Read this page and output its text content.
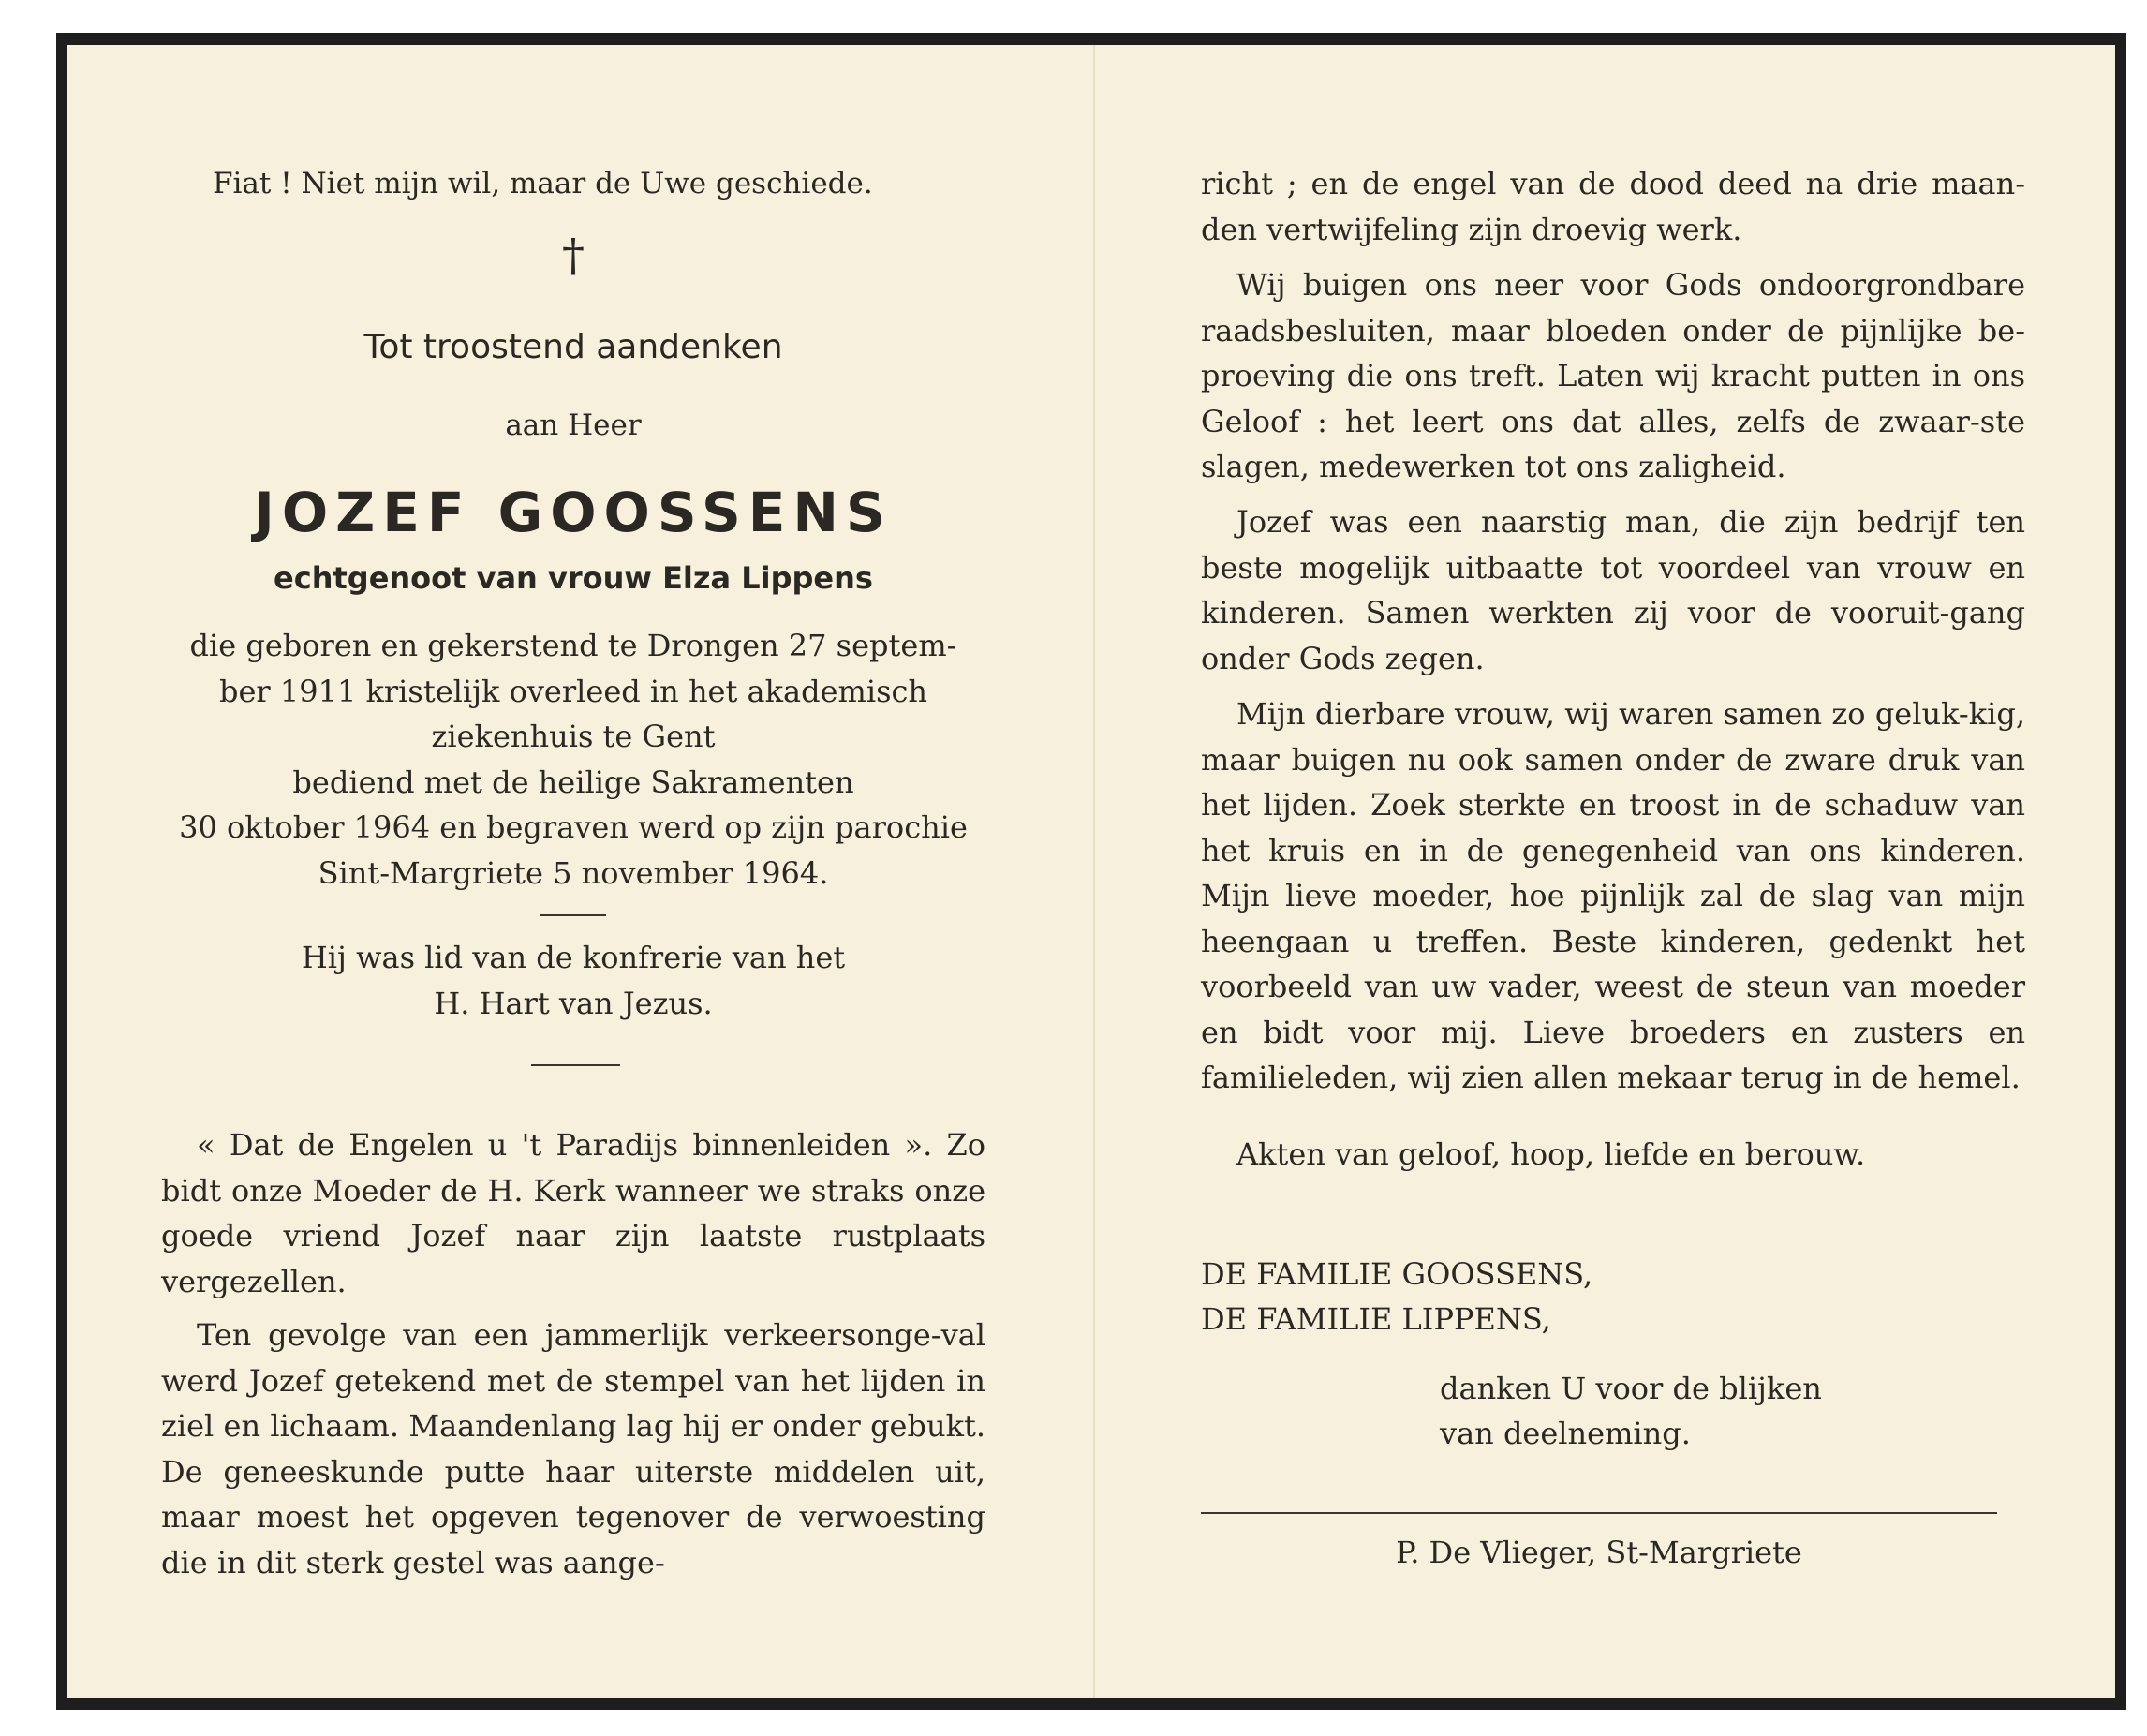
Fiat ! Niet mijn wil, maar de Uwe geschiede.

†

Tot troostend aandenken

aan Heer

JOZEF GOOSSENS

echtgenoot van vrouw Elza Lippens

die geboren en gekerstend te Drongen 27 septem-

ber 1911 kristelijk overleed in het akademisch

ziekenhuis te Gent

bediend met de heilige Sakramenten

30 oktober 1964 en begraven werd op zijn parochie

Sint-Margriete 5 november 1964.

Hij was lid van de konfrerie van het

H. Hart van Jezus.

« Dat de Engelen u 't Paradijs binnenleiden ». Zo bidt onze Moeder de H. Kerk wanneer we straks onze goede vriend Jozef naar zijn laatste rustplaats vergezellen.

Ten gevolge van een jammerlijk verkeersonge-val werd Jozef getekend met de stempel van het lijden in ziel en lichaam. Maandenlang lag hij er onder gebukt. De geneeskunde putte haar uiterste middelen uit, maar moest het opgeven tegenover de verwoesting die in dit sterk gestel was aange-

richt ; en de engel van de dood deed na drie maan-den vertwijfeling zijn droevig werk.

Wij buigen ons neer voor Gods ondoorgrondbare raadsbesluiten, maar bloeden onder de pijnlijke be-proeving die ons treft. Laten wij kracht putten in ons Geloof : het leert ons dat alles, zelfs de zwaar-ste slagen, medewerken tot ons zaligheid.

Jozef was een naarstig man, die zijn bedrijf ten beste mogelijk uitbaatte tot voordeel van vrouw en kinderen. Samen werkten zij voor de vooruit-gang onder Gods zegen.

Mijn dierbare vrouw, wij waren samen zo geluk-kig, maar buigen nu ook samen onder de zware druk van het lijden. Zoek sterkte en troost in de schaduw van het kruis en in de genegenheid van ons kinderen. Mijn lieve moeder, hoe pijnlijk zal de slag van mijn heengaan u treffen. Beste kinderen, gedenkt het voorbeeld van uw vader, weest de steun van moeder en bidt voor mij. Lieve broeders en zusters en familieleden, wij zien allen mekaar terug in de hemel.

Akten van geloof, hoop, liefde en berouw.

DE FAMILIE GOOSSENS,

DE FAMILIE LIPPENS,

danken U voor de blijken

van deelneming.

P. De Vlieger, St-Margriete
